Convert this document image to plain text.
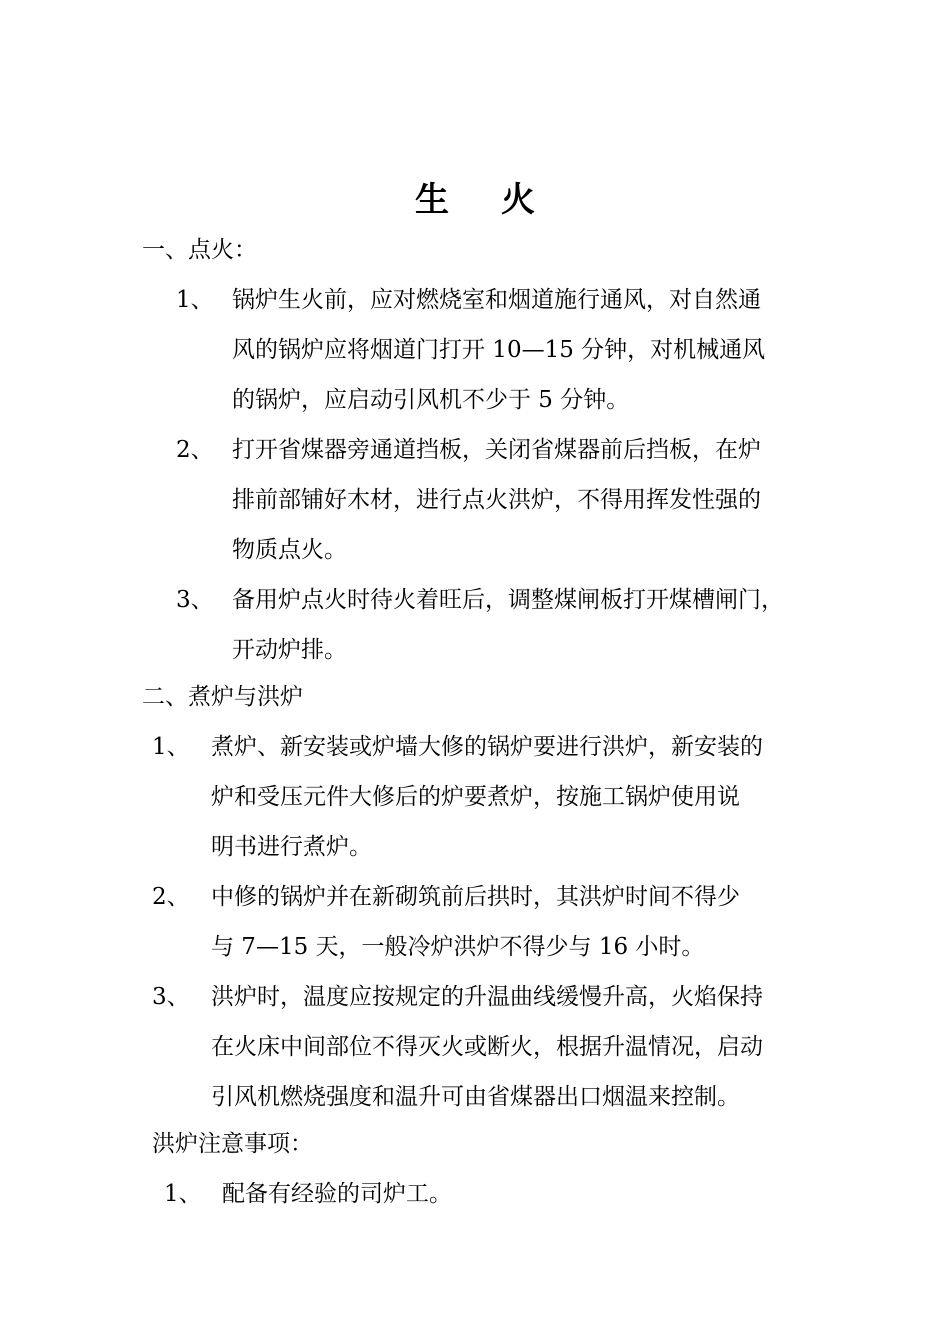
生 火
一、点火：
1、 锅炉生火前，应对燃烧室和烟道施行通风，对自然通
风的锅炉应将烟道门打开 10—15 分钟，对机械通风
的锅炉，应启动引风机不少于 5 分钟。
2、 打开省煤器旁通道挡板，关闭省煤器前后挡板，在炉
排前部铺好木材，进行点火洪炉，不得用挥发性强的
物质点火。
3、 备用炉点火时待火着旺后，调整煤闸板打开煤槽闸门，
开动炉排。
二、煮炉与洪炉
1、 煮炉、新安装或炉墙大修的锅炉要进行洪炉，新安装的
炉和受压元件大修后的炉要煮炉，按施工锅炉使用说
明书进行煮炉。
2、 中修的锅炉并在新砌筑前后拱时，其洪炉时间不得少
与 7—15 天，一般冷炉洪炉不得少与 16 小时。
3、 洪炉时，温度应按规定的升温曲线缓慢升高，火焰保持
在火床中间部位不得灭火或断火，根据升温情况，启动
引风机燃烧强度和温升可由省煤器出口烟温来控制。
洪炉注意事项：
1、 配备有经验的司炉工。
